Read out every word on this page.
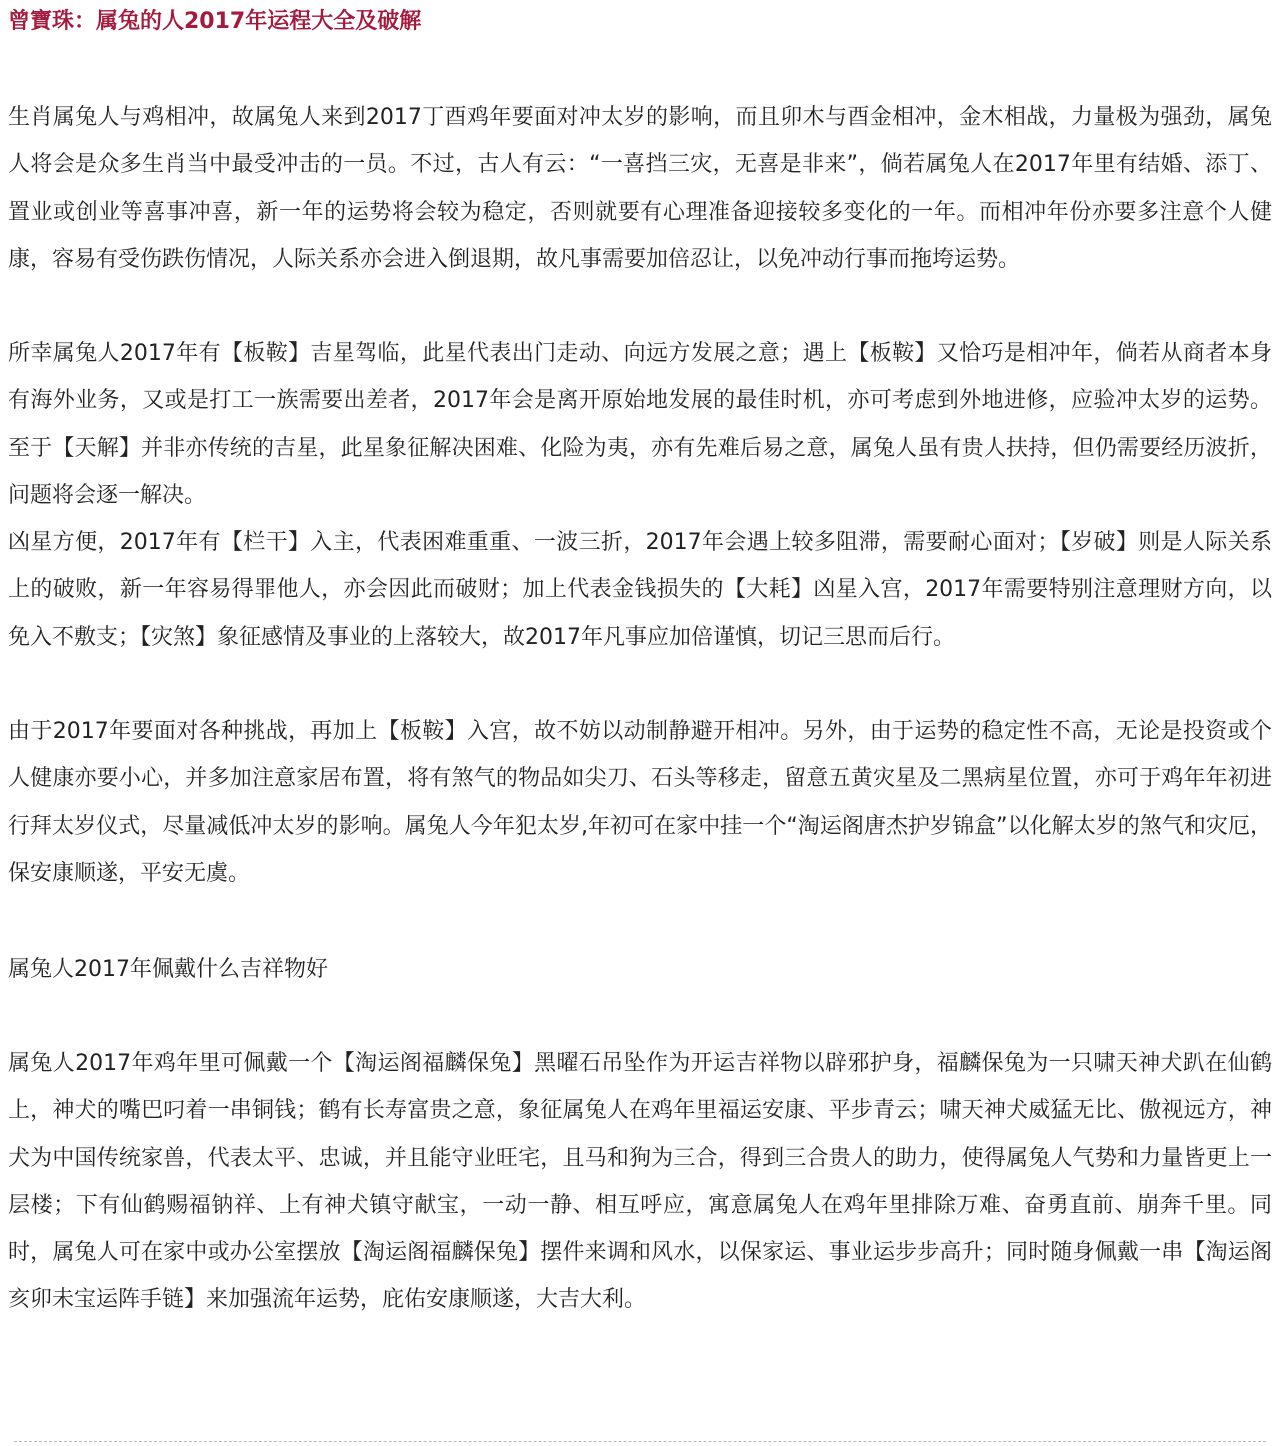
曾寶珠：属兔的人2017年运程大全及破解

生肖属兔人与鸡相冲，故属兔人来到2017丁酉鸡年要面对冲太岁的影响，而且卯木与酉金相冲，金木相战，力量极为强劲，属兔人将会是众多生肖当中最受冲击的一员。不过，古人有云：“一喜挡三灾，无喜是非来”，倘若属兔人在2017年里有结婚、添丁、置业或创业等喜事冲喜，新一年的运势将会较为稳定，否则就要有心理准备迎接较多变化的一年。而相冲年份亦要多注意个人健康，容易有受伤跌伤情况，人际关系亦会进入倒退期，故凡事需要加倍忍让，以免冲动行事而拖垮运势。

所幸属兔人2017年有【板鞍】吉星驾临，此星代表出门走动、向远方发展之意；遇上【板鞍】又恰巧是相冲年，倘若从商者本身有海外业务，又或是打工一族需要出差者，2017年会是离开原始地发展的最佳时机，亦可考虑到外地进修，应验冲太岁的运势。至于【天解】并非亦传统的吉星，此星象征解决困难、化险为夷，亦有先难后易之意，属兔人虽有贵人扶持，但仍需要经历波折，问题将会逐一解决。

凶星方便，2017年有【栏干】入主，代表困难重重、一波三折，2017年会遇上较多阻滞，需要耐心面对；【岁破】则是人际关系上的破败，新一年容易得罪他人，亦会因此而破财；加上代表金钱损失的【大耗】凶星入宫，2017年需要特别注意理财方向，以免入不敷支；【灾煞】象征感情及事业的上落较大，故2017年凡事应加倍谨慎，切记三思而后行。

由于2017年要面对各种挑战，再加上【板鞍】入宫，故不妨以动制静避开相冲。另外，由于运势的稳定性不高，无论是投资或个人健康亦要小心，并多加注意家居布置，将有煞气的物品如尖刀、石头等移走，留意五黄灾星及二黑病星位置，亦可于鸡年年初进行拜太岁仪式，尽量减低冲太岁的影响。属兔人今年犯太岁,年初可在家中挂一个“淘运阁唐杰护岁锦盒”以化解太岁的煞气和灾厄，保安康顺遂，平安无虞。

属兔人2017年佩戴什么吉祥物好

属兔人2017年鸡年里可佩戴一个【淘运阁福麟保兔】黑曜石吊坠作为开运吉祥物以辟邪护身，福麟保兔为一只啸天神犬趴在仙鹤上，神犬的嘴巴叼着一串铜钱；鹤有长寿富贵之意，象征属兔人在鸡年里福运安康、平步青云；啸天神犬威猛无比、傲视远方，神犬为中国传统家兽，代表太平、忠诚，并且能守业旺宅，且马和狗为三合，得到三合贵人的助力，使得属兔人气势和力量皆更上一层楼；下有仙鹤赐福钠祥、上有神犬镇守献宝，一动一静、相互呼应，寓意属兔人在鸡年里排除万难、奋勇直前、崩奔千里。同时，属兔人可在家中或办公室摆放【淘运阁福麟保兔】摆件来调和风水，以保家运、事业运步步高升；同时随身佩戴一串【淘运阁亥卯未宝运阵手链】来加强流年运势，庇佑安康顺遂，大吉大利。
